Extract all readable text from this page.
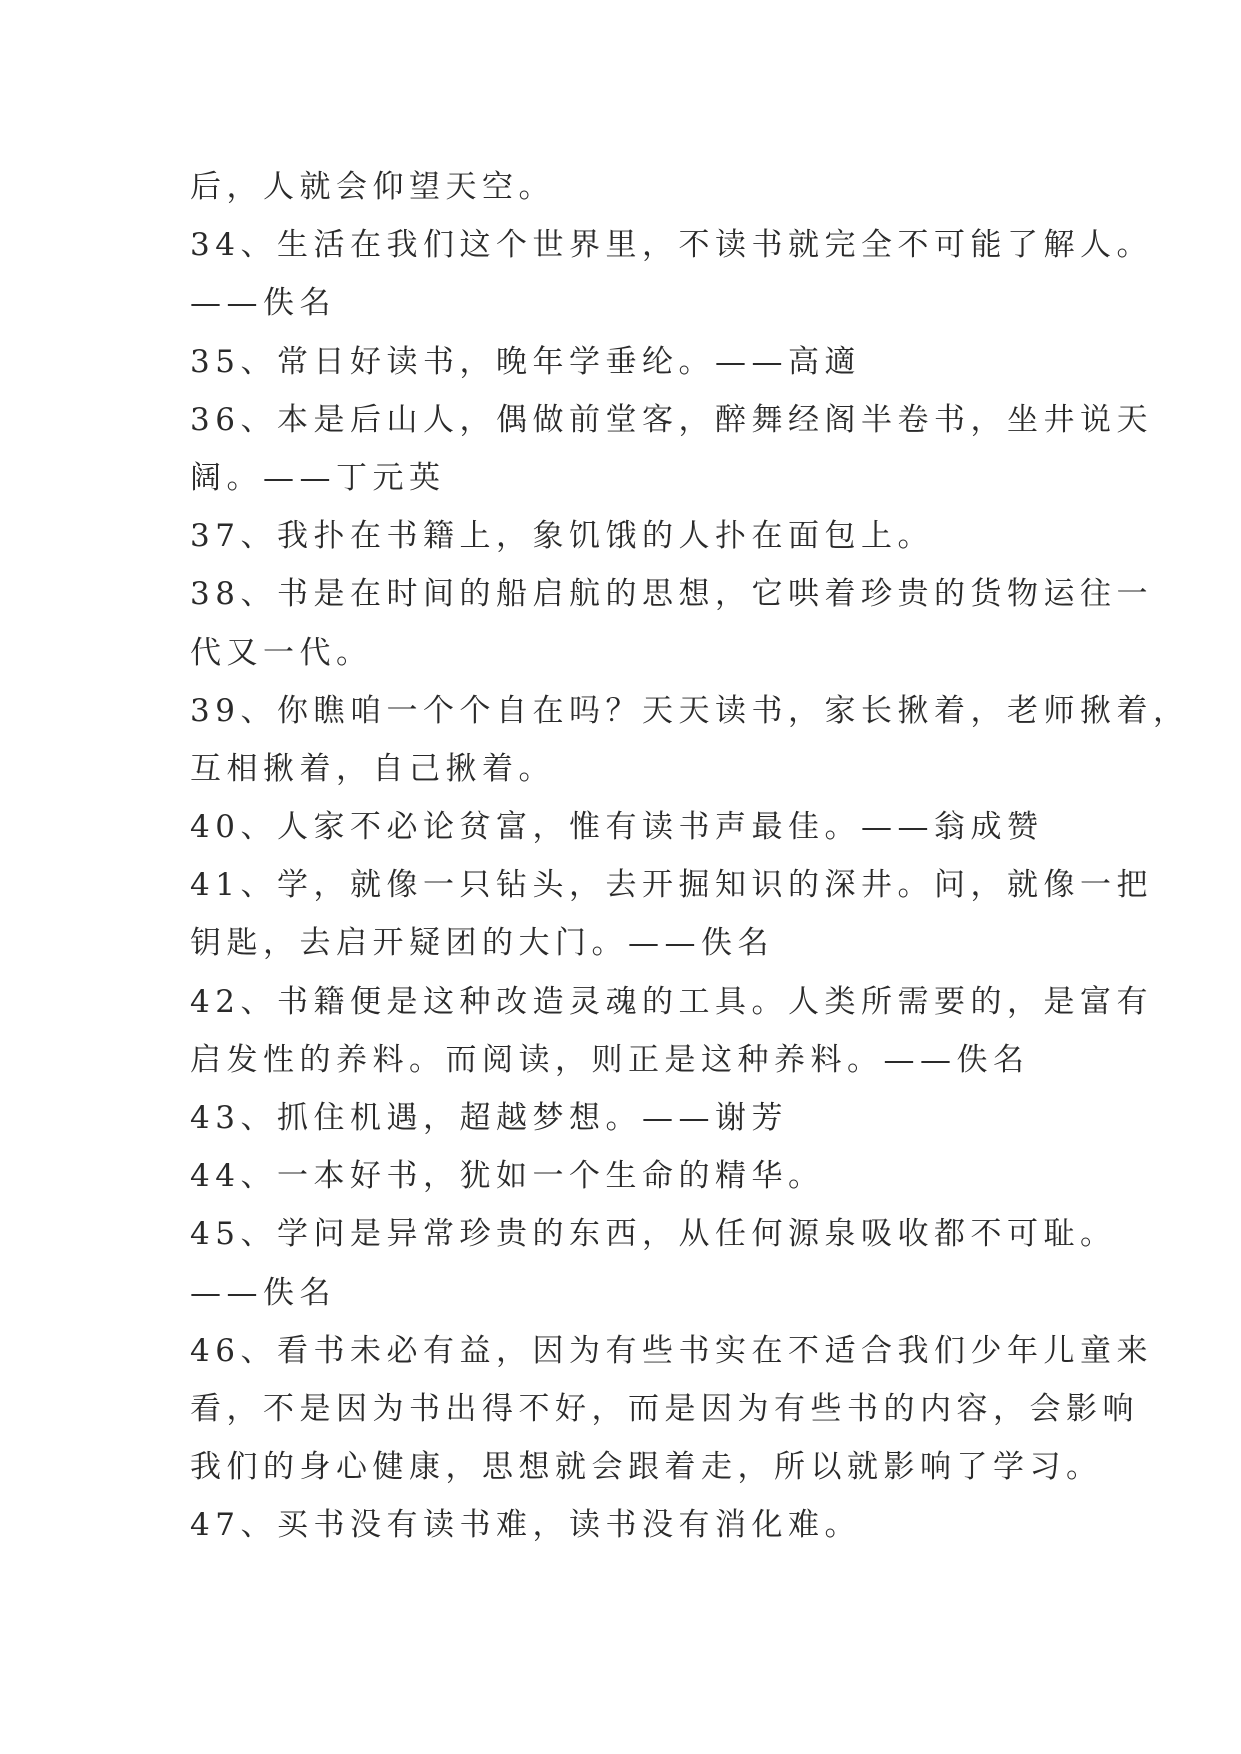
后，人就会仰望天空。
34、生活在我们这个世界里，不读书就完全不可能了解人。
——佚名
35、常日好读书，晚年学垂纶。——高適
36、本是后山人，偶做前堂客，醉舞经阁半卷书，坐井说天
阔。——丁元英
37、我扑在书籍上，象饥饿的人扑在面包上。
38、书是在时间的船启航的思想，它哄着珍贵的货物运往一
代又一代。
39、你瞧咱一个个自在吗？天天读书，家长揪着，老师揪着，
互相揪着，自己揪着。
40、人家不必论贫富，惟有读书声最佳。——翁成赞
41、学，就像一只钻头，去开掘知识的深井。问，就像一把
钥匙，去启开疑团的大门。——佚名
42、书籍便是这种改造灵魂的工具。人类所需要的，是富有
启发性的养料。而阅读，则正是这种养料。——佚名
43、抓住机遇，超越梦想。——谢芳
44、一本好书，犹如一个生命的精华。
45、学问是异常珍贵的东西，从任何源泉吸收都不可耻。
——佚名
46、看书未必有益，因为有些书实在不适合我们少年儿童来
看，不是因为书出得不好，而是因为有些书的内容，会影响
我们的身心健康，思想就会跟着走，所以就影响了学习。
47、买书没有读书难，读书没有消化难。
